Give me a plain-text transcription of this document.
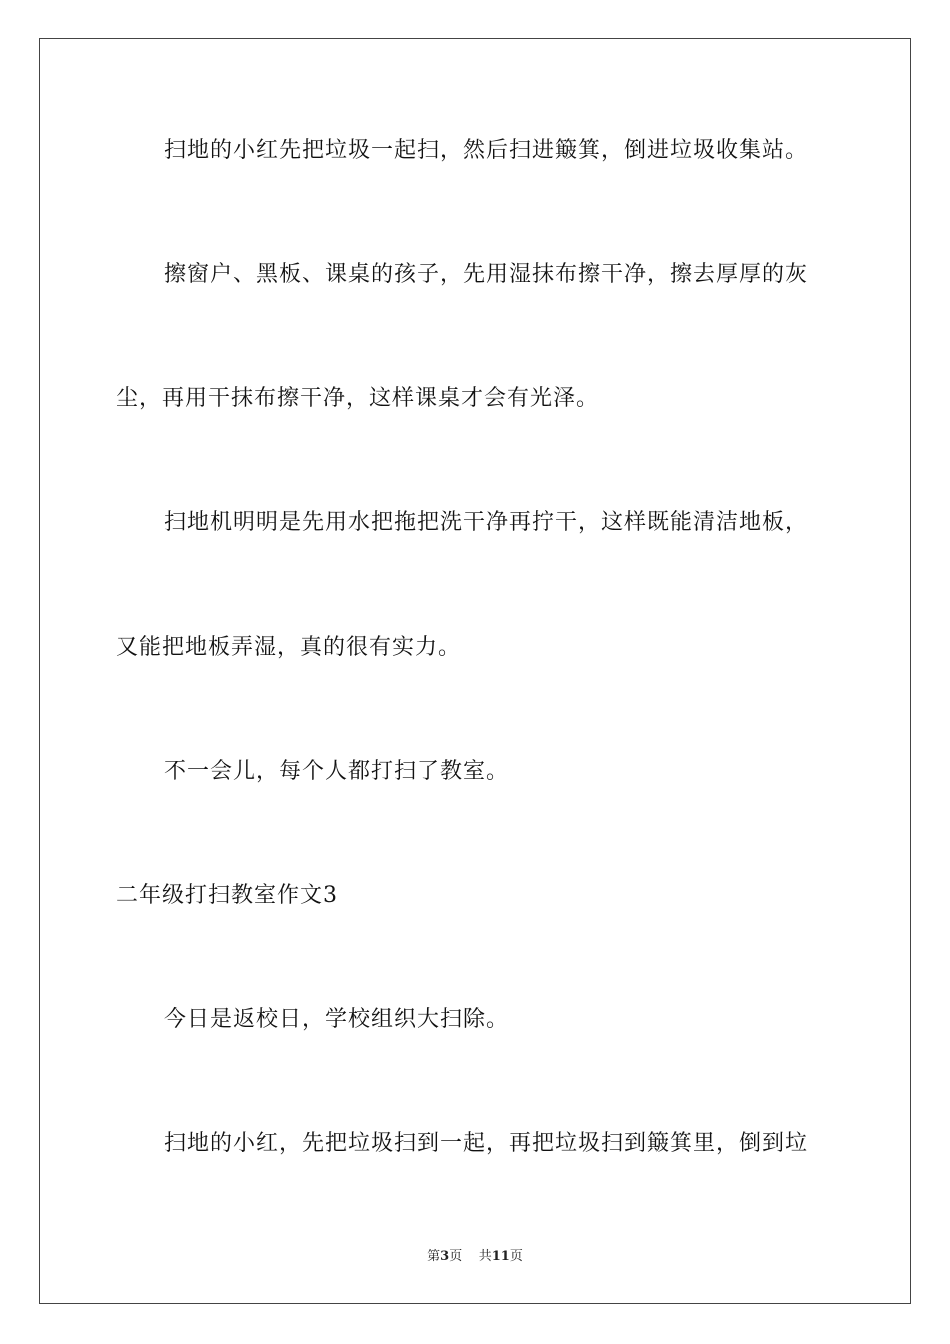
扫地的小红先把垃圾一起扫，然后扫进簸箕，倒进垃圾收集站。
擦窗户、黑板、课桌的孩子，先用湿抹布擦干净，擦去厚厚的灰
尘，再用干抹布擦干净，这样课桌才会有光泽。
扫地机明明是先用水把拖把洗干净再拧干，这样既能清洁地板，
又能把地板弄湿，真的很有实力。
不一会儿，每个人都打扫了教室。
二年级打扫教室作文3
今日是返校日，学校组织大扫除。
扫地的小红，先把垃圾扫到一起，再把垃圾扫到簸箕里，倒到垃
第3页 共11页
